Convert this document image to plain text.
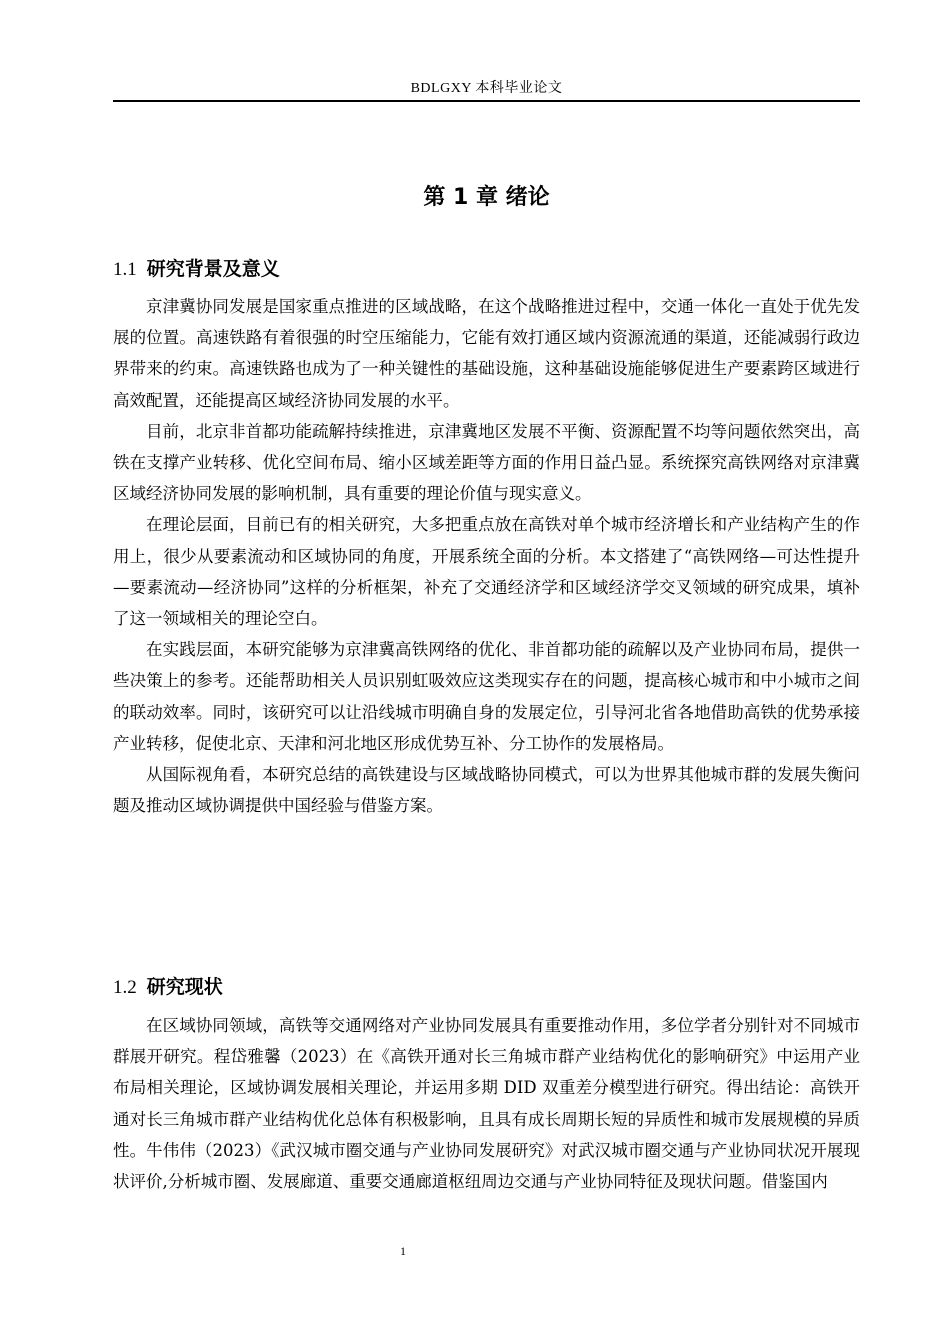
BDLGXY 本科毕业论文
第 1 章 绪论
1.1 研究背景及意义

京津冀协同发展是国家重点推进的区域战略，在这个战略推进过程中，交通一体化一直处于优先发展的位置。高速铁路有着很强的时空压缩能力，它能有效打通区域内资源流通的渠道，还能减弱行政边界带来的约束。高速铁路也成为了一种关键性的基础设施，这种基础设施能够促进生产要素跨区域进行高效配置，还能提高区域经济协同发展的水平。

目前，北京非首都功能疏解持续推进，京津冀地区发展不平衡、资源配置不均等问题依然突出，高铁在支撑产业转移、优化空间布局、缩小区域差距等方面的作用日益凸显。系统探究高铁网络对京津冀区域经济协同发展的影响机制，具有重要的理论价值与现实意义。

在理论层面，目前已有的相关研究，大多把重点放在高铁对单个城市经济增长和产业结构产生的作用上，很少从要素流动和区域协同的角度，开展系统全面的分析。本文搭建了“高铁网络—可达性提升—要素流动—经济协同”这样的分析框架，补充了交通经济学和区域经济学交叉领域的研究成果，填补了这一领域相关的理论空白。

在实践层面，本研究能够为京津冀高铁网络的优化、非首都功能的疏解以及产业协同布局，提供一些决策上的参考。还能帮助相关人员识别虹吸效应这类现实存在的问题，提高核心城市和中小城市之间的联动效率。同时，该研究可以让沿线城市明确自身的发展定位，引导河北省各地借助高铁的优势承接产业转移，促使北京、天津和河北地区形成优势互补、分工协作的发展格局。

从国际视角看，本研究总结的高铁建设与区域战略协同模式，可以为世界其他城市群的发展失衡问题及推动区域协调提供中国经验与借鉴方案。

1.2 研究现状

在区域协同领域，高铁等交通网络对产业协同发展具有重要推动作用，多位学者分别针对不同城市群展开研究。程岱雅馨（2023）在《高铁开通对长三角城市群产业结构优化的影响研究》中运用产业布局相关理论，区域协调发展相关理论，并运用多期 DID 双重差分模型进行研究。得出结论：高铁开通对长三角城市群产业结构优化总体有积极影响，且具有成长周期长短的异质性和城市发展规模的异质性。牛伟伟（2023）《武汉城市圈交通与产业协同发展研究》对武汉城市圈交通与产业协同状况开展现状评价,分析城市圈、发展廊道、重要交通廊道枢纽周边交通与产业协同特征及现状问题。借鉴国内

1
